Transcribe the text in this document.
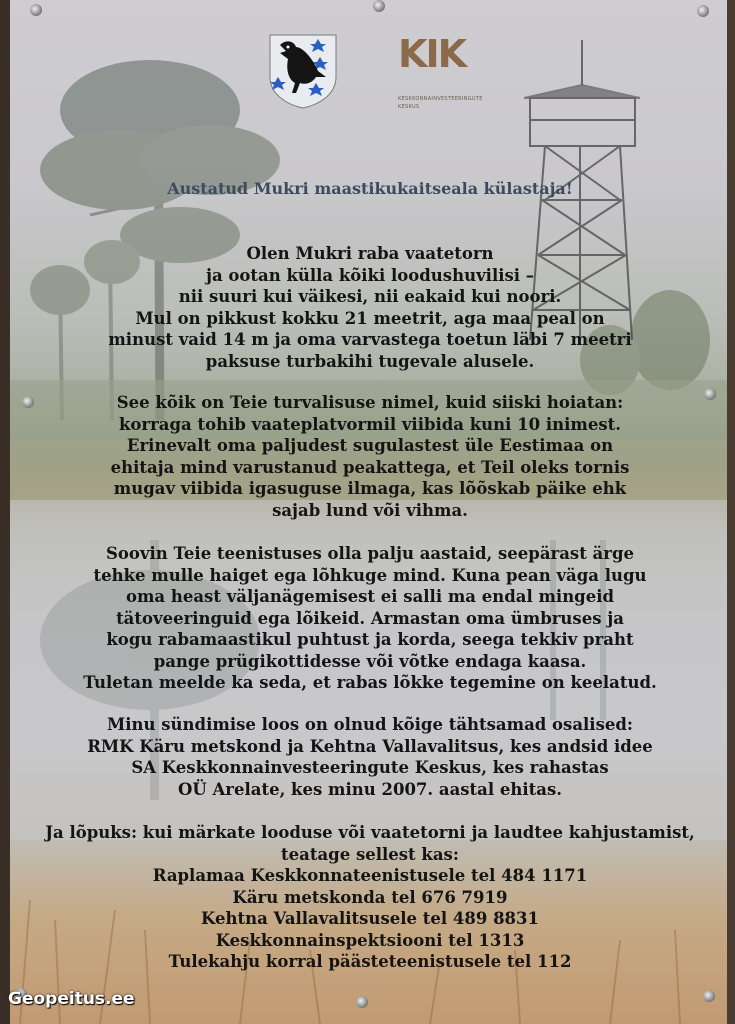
KIK
KESKKONNAINVESTEERINGUTE
KESKUS
Austatud Mukri maastikukaitseala külastaja!
Olen Mukri raba vaatetorn
ja ootan külla kõiki loodushuvilisi –
nii suuri kui väikesi, nii eakaid kui noori.
Mul on pikkust kokku 21 meetrit, aga maa peal on
minust vaid 14 m ja oma varvastega toetun läbi 7 meetri
paksuse turbakihi tugevale alusele.
See kõik on Teie turvalisuse nimel, kuid siiski hoiatan:
korraga tohib vaateplatvormil viibida kuni 10 inimest.
Erinevalt oma paljudest sugulastest üle Eestimaa on
ehitaja mind varustanud peakattega, et Teil oleks tornis
mugav viibida igasuguse ilmaga, kas lõõskab päike ehk
sajab lund või vihma.
Soovin Teie teenistuses olla palju aastaid, seepärast ärge
tehke mulle haiget ega lõhkuge mind. Kuna pean väga lugu
oma heast väljanägemisest ei salli ma endal mingeid
tätoveeringuid ega lõikeid. Armastan oma ümbruses ja
kogu rabamaastikul puhtust ja korda, seega tekkiv praht
pange prügikottidesse või võtke endaga kaasa.
Tuletan meelde ka seda, et rabas lõkke tegemine on keelatud.
Minu sündimise loos on olnud kõige tähtsamad osalised:
RMK Käru metskond ja Kehtna Vallavalitsus, kes andsid idee
SA Keskkonnainvesteeringute Keskus, kes rahastas
OÜ Arelate, kes minu 2007. aastal ehitas.
Ja lõpuks: kui märkate looduse või vaatetorni ja laudtee kahjustamist,
teatage sellest kas:
Raplamaa Keskkonnateenistusele tel 484 1171
Käru metskonda tel 676 7919
Kehtna Vallavalitsusele tel 489 8831
Keskkonnainspektsiooni tel 1313
Tulekahju korral päästeteenistusele tel 112
Geopeitus.ee
